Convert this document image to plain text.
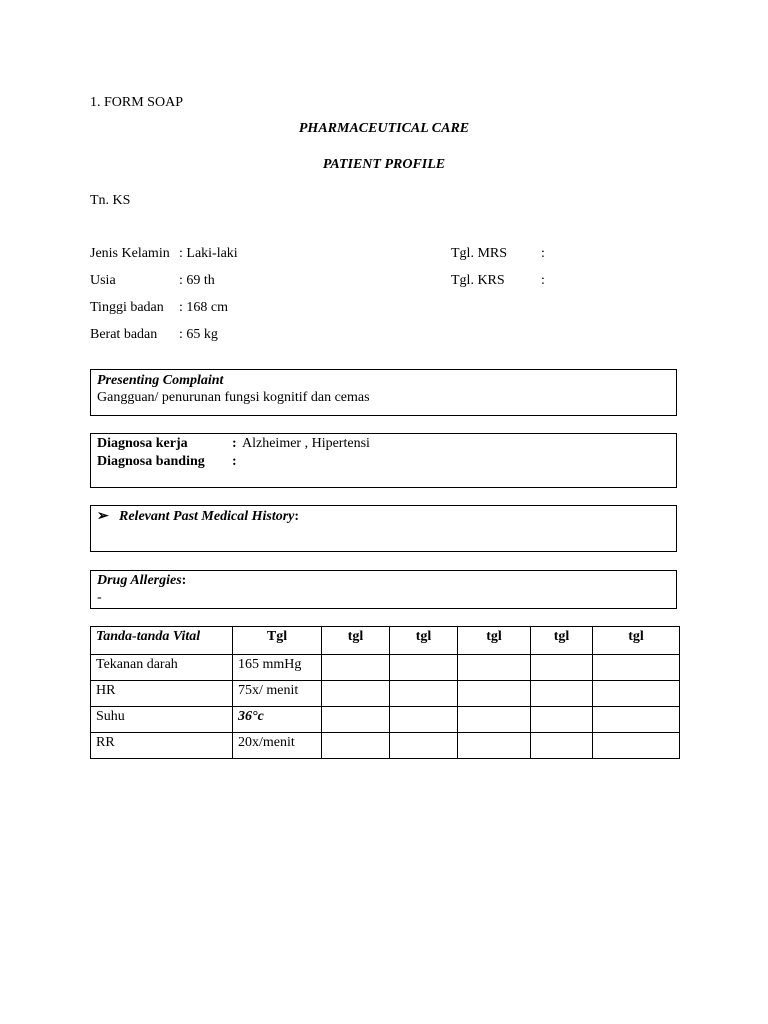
1. FORM SOAP
PHARMACEUTICAL CARE
PATIENT PROFILE
Tn. KS
Jenis Kelamin : Laki-laki	Tgl. MRS :
Usia	: 69 th	Tgl. KRS	:
Tinggi badan : 168 cm
Berat badan : 65 kg
Presenting Complaint
Gangguan/ penurunan fungsi kognitif dan cemas
Diagnosa kerja	: Alzheimer , Hipertensi
Diagnosa banding :
➢ Relevant Past Medical History:
Drug Allergies:
-
Tanda-tanda Vital	Tgl	tgl	tgl	tgl	tgl	tgl
Tekanan darah	165 mmHg					
HR	75x/ menit					
Suhu	36°c					
RR	20x/menit					
